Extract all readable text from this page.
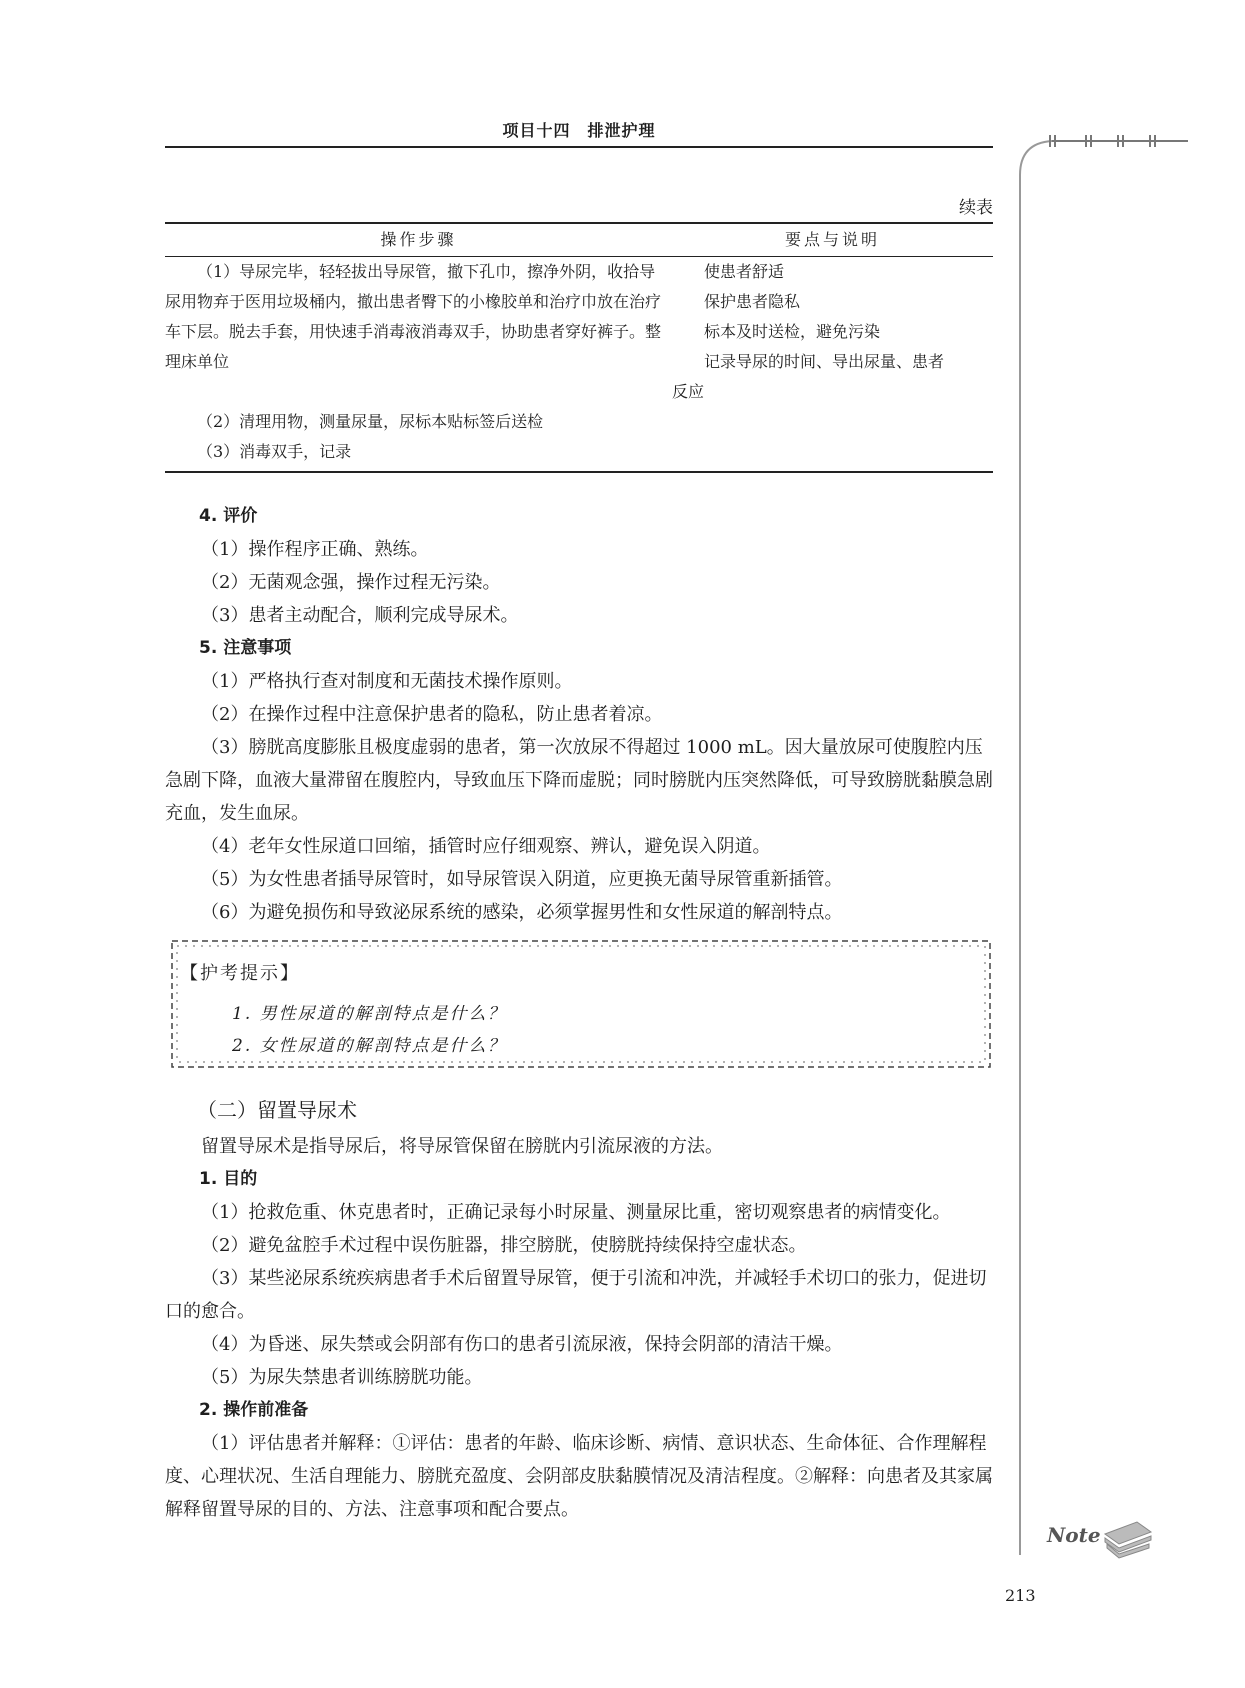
项目十四　排泄护理
续表
操作步骤	要点与说明

（1）导尿完毕，轻轻拔出导尿管，撤下孔巾，擦净外阴，收拾导尿用物弃于医用垃圾桶内，撤出患者臀下的小橡胶单和治疗巾放在治疗车下层。脱去手套，用快速手消毒液消毒双手，协助患者穿好裤子。整理床单位	使患者舒适
保护患者隐私
标本及时送检，避免污染
记录导尿的时间、导出尿量、患者
反应

（2）清理用物，测量尿量，尿标本贴标签后送检	

（3）消毒双手，记录	

4. 评价

（1）操作程序正确、熟练。

（2）无菌观念强，操作过程无污染。

（3）患者主动配合，顺利完成导尿术。

5. 注意事项

（1）严格执行查对制度和无菌技术操作原则。

（2）在操作过程中注意保护患者的隐私，防止患者着凉。

（3）膀胱高度膨胀且极度虚弱的患者，第一次放尿不得超过 1000 mL。因大量放尿可使腹腔内压急剧下降，血液大量滞留在腹腔内，导致血压下降而虚脱；同时膀胱内压突然降低，可导致膀胱黏膜急剧充血，发生血尿。

（4）老年女性尿道口回缩，插管时应仔细观察、辨认，避免误入阴道。

（5）为女性患者插导尿管时，如导尿管误入阴道，应更换无菌导尿管重新插管。

（6）为避免损伤和导致泌尿系统的感染，必须掌握男性和女性尿道的解剖特点。

【护考提示】
1. 男性尿道的解剖特点是什么？
2. 女性尿道的解剖特点是什么？

（二）留置导尿术

留置导尿术是指导尿后，将导尿管保留在膀胱内引流尿液的方法。

1. 目的

（1）抢救危重、休克患者时，正确记录每小时尿量、测量尿比重，密切观察患者的病情变化。

（2）避免盆腔手术过程中误伤脏器，排空膀胱，使膀胱持续保持空虚状态。

（3）某些泌尿系统疾病患者手术后留置导尿管，便于引流和冲洗，并减轻手术切口的张力，促进切口的愈合。

（4）为昏迷、尿失禁或会阴部有伤口的患者引流尿液，保持会阴部的清洁干燥。

（5）为尿失禁患者训练膀胱功能。

2. 操作前准备

（1）评估患者并解释：①评估：患者的年龄、临床诊断、病情、意识状态、生命体征、合作理解程度、心理状况、生活自理能力、膀胱充盈度、会阴部皮肤黏膜情况及清洁程度。②解释：向患者及其家属解释留置导尿的目的、方法、注意事项和配合要点。

Note
213
